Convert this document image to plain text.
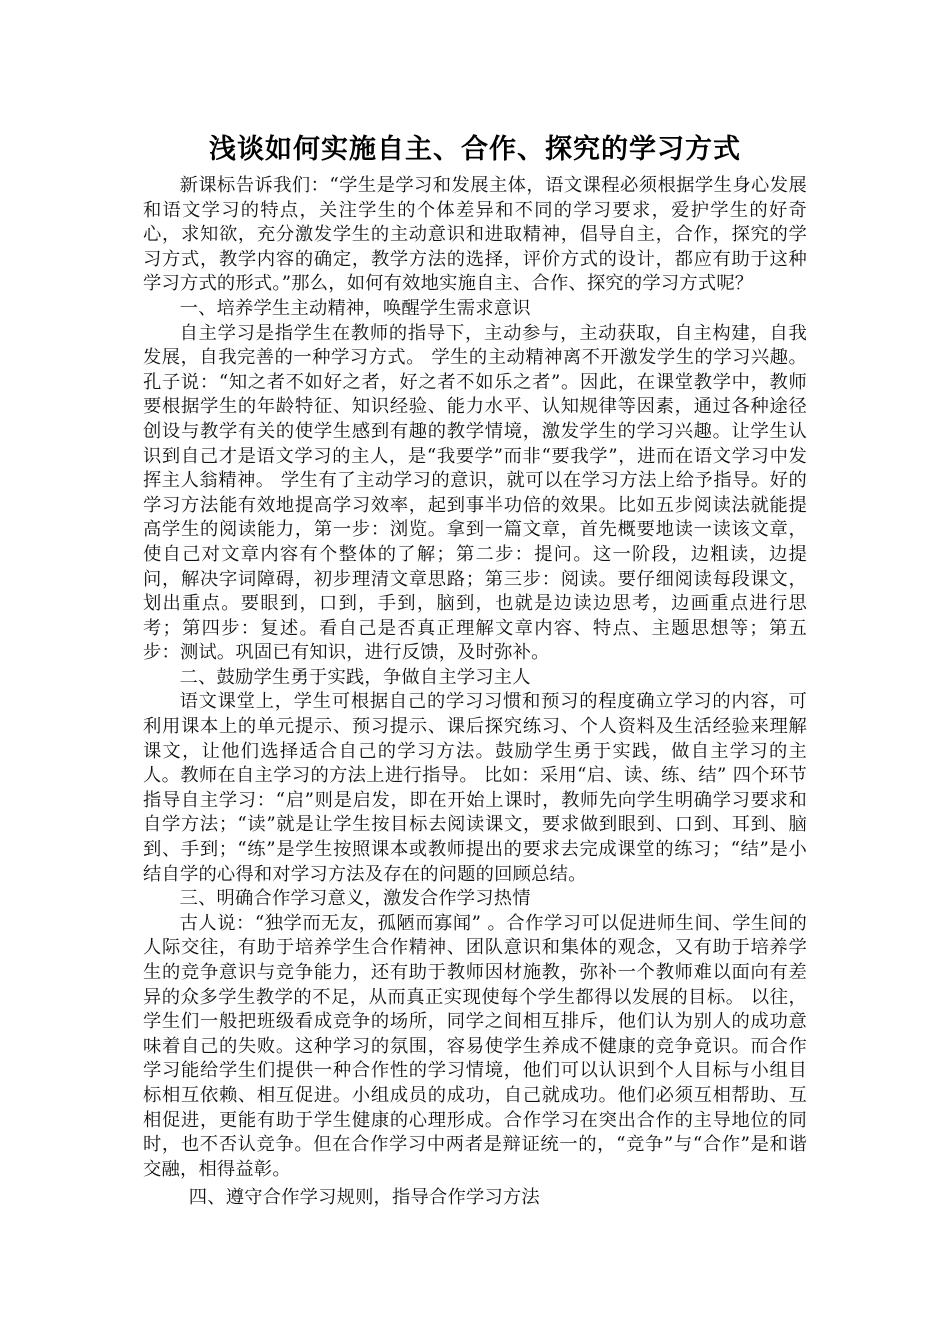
浅谈如何实施自主、合作、探究的学习方式

新课标告诉我们：“学生是学习和发展主体，语文课程必须根据学生身心发展和语文学习的特点，关注学生的个体差异和不同的学习要求，爱护学生的好奇心，求知欲，充分激发学生的主动意识和进取精神，倡导自主，合作，探究的学习方式，教学内容的确定，教学方法的选择，评价方式的设计，都应有助于这种学习方式的形式。”那么，如何有效地实施自主、合作、探究的学习方式呢？

一、培养学生主动精神，唤醒学生需求意识

自主学习是指学生在教师的指导下，主动参与，主动获取，自主构建，自我发展，自我完善的一种学习方式。 学生的主动精神离不开激发学生的学习兴趣。孔子说：“知之者不如好之者，好之者不如乐之者”。因此，在课堂教学中，教师要根据学生的年龄特征、知识经验、能力水平、认知规律等因素，通过各种途径创设与教学有关的使学生感到有趣的教学情境，激发学生的学习兴趣。让学生认识到自己才是语文学习的主人，是“我要学”而非“要我学”，进而在语文学习中发挥主人翁精神。 学生有了主动学习的意识，就可以在学习方法上给予指导。好的学习方法能有效地提高学习效率，起到事半功倍的效果。比如五步阅读法就能提高学生的阅读能力，第一步：浏览。拿到一篇文章，首先概要地读一读该文章，使自己对文章内容有个整体的了解；第二步：提问。这一阶段，边粗读，边提问，解决字词障碍，初步理清文章思路；第三步：阅读。要仔细阅读每段课文，划出重点。要眼到，口到，手到，脑到，也就是边读边思考，边画重点进行思考；第四步：复述。看自己是否真正理解文章内容、特点、主题思想等；第五步：测试。巩固已有知识，进行反馈，及时弥补。

二、鼓励学生勇于实践，争做自主学习主人

语文课堂上，学生可根据自己的学习习惯和预习的程度确立学习的内容，可利用课本上的单元提示、预习提示、课后探究练习、个人资料及生活经验来理解课文，让他们选择适合自己的学习方法。鼓励学生勇于实践，做自主学习的主人。教师在自主学习的方法上进行指导。 比如：采用“启、读、练、结” 四个环节指导自主学习：“启”则是启发，即在开始上课时，教师先向学生明确学习要求和自学方法；“读”就是让学生按目标去阅读课文，要求做到眼到、口到、耳到、脑到、手到；“练”是学生按照课本或教师提出的要求去完成课堂的练习；“结”是小结自学的心得和对学习方法及存在的问题的回顾总结。

三、明确合作学习意义，激发合作学习热情

古人说：“独学而无友，孤陋而寡闻” 。合作学习可以促进师生间、学生间的人际交往，有助于培养学生合作精神、团队意识和集体的观念，又有助于培养学生的竞争意识与竞争能力，还有助于教师因材施教，弥补一个教师难以面向有差异的众多学生教学的不足，从而真正实现使每个学生都得以发展的目标。 以往，学生们一般把班级看成竞争的场所，同学之间相互排斥，他们认为别人的成功意 味着自己的失败。这种学习的氛围，容易使学生养成不健康的竞争竟识。而合作学习能给学生们提供一种合作性的学习情境，他们可以认识到个人目标与小组目标相互依赖、相互促进。小组成员的成功，自己就成功。他们必须互相帮助、互相促进，更能有助于学生健康的心理形成。合作学习在突出合作的主导地位的同时，也不否认竞争。但在合作学习中两者是辩证统一的，“竞争”与“合作”是和谐交融，相得益彰。

四、遵守合作学习规则，指导合作学习方法
